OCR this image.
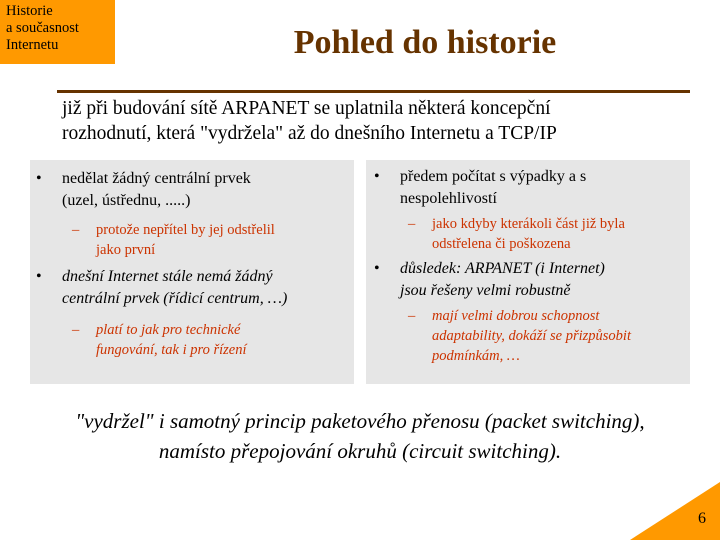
Historie
a současnost
Internetu	Pohled do historie
již při budování sítě ARPANET se uplatnila některá koncepční
rozhodnutí, která "vydržela" až do dnešního Internetu a TCP/IP
• nedělat žádný centrální prvek
(uzel, ústřednu, .....)
– protože nepřítel by jej odstřelil
jako první
• dnešní Internet stále nemá žádný
centrální prvek (řídicí centrum, …)
– platí to jak pro technické
fungování, tak i pro řízení
• předem počítat s výpadky a s
nespolehlivostí
– jako kdyby kterákoli část již byla
odstřelena či poškozena
• důsledek: ARPANET (i Internet)
jsou řešeny velmi robustně
– mají velmi dobrou schopnost
adaptability, dokáží se přizpůsobit
podmínkám, …
"vydržel" i samotný princip paketového přenosu (packet switching),
namísto přepojování okruhů (circuit switching).
6
